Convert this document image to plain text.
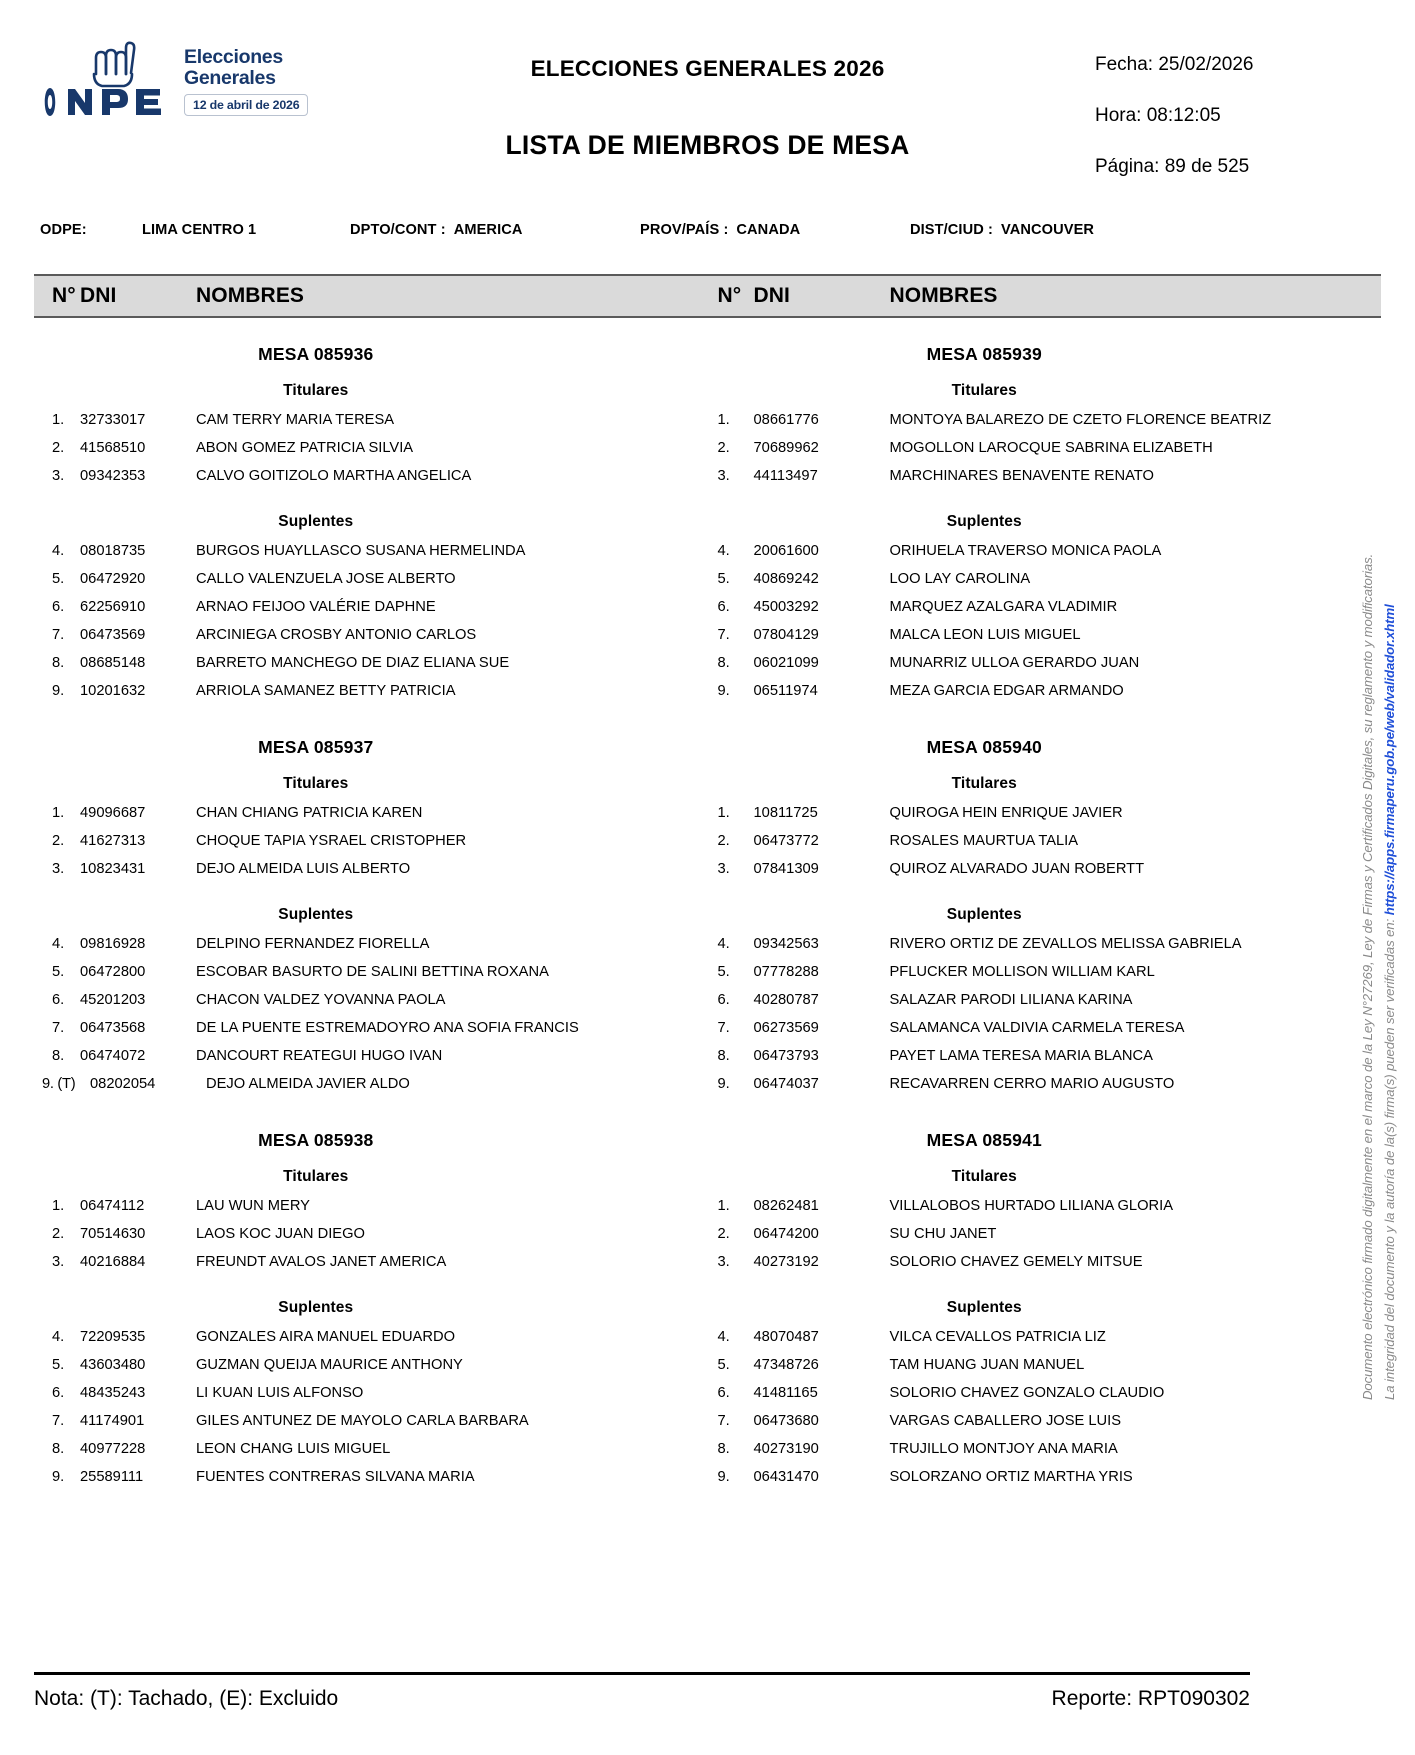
Elecciones
Generales
12 de abril de 2026
ELECCIONES GENERALES 2026
LISTA DE MIEMBROS DE MESA
Fecha: 25/02/2026
Hora: 08:12:05
Página: 89 de 525
ODPE:	LIMA CENTRO 1	DPTO/CONT : AMERICA	PROV/PAÍS : CANADA	DIST/CIUD : VANCOUVER
N° DNI	NOMBRES	N° DNI	NOMBRES
MESA 085936
Titulares
1.	32733017	CAM TERRY MARIA TERESA
2.	41568510	ABON GOMEZ PATRICIA SILVIA
3.	09342353	CALVO GOITIZOLO MARTHA ANGELICA
Suplentes
4.	08018735	BURGOS HUAYLLASCO SUSANA HERMELINDA
5.	06472920	CALLO VALENZUELA JOSE ALBERTO
6.	62256910	ARNAO FEIJOO VALÉRIE DAPHNE
7.	06473569	ARCINIEGA CROSBY ANTONIO CARLOS
8.	08685148	BARRETO MANCHEGO DE DIAZ ELIANA SUE
9.	10201632	ARRIOLA SAMANEZ BETTY PATRICIA
MESA 085937
Titulares
1.	49096687	CHAN CHIANG PATRICIA KAREN
2.	41627313	CHOQUE TAPIA YSRAEL CRISTOPHER
3.	10823431	DEJO ALMEIDA LUIS ALBERTO
Suplentes
4.	09816928	DELPINO FERNANDEZ FIORELLA
5.	06472800	ESCOBAR BASURTO DE SALINI BETTINA ROXANA
6.	45201203	CHACON VALDEZ YOVANNA PAOLA
7.	06473568	DE LA PUENTE ESTREMADOYRO ANA SOFIA FRANCIS
8.	06474072	DANCOURT REATEGUI HUGO IVAN
9. (T)	08202054	DEJO ALMEIDA JAVIER ALDO
MESA 085938
Titulares
1.	06474112	LAU WUN MERY
2.	70514630	LAOS KOC JUAN DIEGO
3.	40216884	FREUNDT AVALOS JANET AMERICA
Suplentes
4.	72209535	GONZALES AIRA MANUEL EDUARDO
5.	43603480	GUZMAN QUEIJA MAURICE ANTHONY
6.	48435243	LI KUAN LUIS ALFONSO
7.	41174901	GILES ANTUNEZ DE MAYOLO CARLA BARBARA
8.	40977228	LEON CHANG LUIS MIGUEL
9.	25589111	FUENTES CONTRERAS SILVANA MARIA
MESA 085939
Titulares
1.	08661776	MONTOYA BALAREZO DE CZETO FLORENCE BEATRIZ
2.	70689962	MOGOLLON LAROCQUE SABRINA ELIZABETH
3.	44113497	MARCHINARES BENAVENTE RENATO
Suplentes
4.	20061600	ORIHUELA TRAVERSO MONICA PAOLA
5.	40869242	LOO LAY CAROLINA
6.	45003292	MARQUEZ AZALGARA VLADIMIR
7.	07804129	MALCA LEON LUIS MIGUEL
8.	06021099	MUNARRIZ ULLOA GERARDO JUAN
9.	06511974	MEZA GARCIA EDGAR ARMANDO
MESA 085940
Titulares
1.	10811725	QUIROGA HEIN ENRIQUE JAVIER
2.	06473772	ROSALES MAURTUA TALIA
3.	07841309	QUIROZ ALVARADO JUAN ROBERTT
Suplentes
4.	09342563	RIVERO ORTIZ DE ZEVALLOS MELISSA GABRIELA
5.	07778288	PFLUCKER MOLLISON WILLIAM KARL
6.	40280787	SALAZAR PARODI LILIANA KARINA
7.	06273569	SALAMANCA VALDIVIA CARMELA TERESA
8.	06473793	PAYET LAMA TERESA MARIA BLANCA
9.	06474037	RECAVARREN CERRO MARIO AUGUSTO
MESA 085941
Titulares
1.	08262481	VILLALOBOS HURTADO LILIANA GLORIA
2.	06474200	SU CHU JANET
3.	40273192	SOLORIO CHAVEZ GEMELY MITSUE
Suplentes
4.	48070487	VILCA CEVALLOS PATRICIA LIZ
5.	47348726	TAM HUANG JUAN MANUEL
6.	41481165	SOLORIO CHAVEZ GONZALO CLAUDIO
7.	06473680	VARGAS CABALLERO JOSE LUIS
8.	40273190	TRUJILLO MONTJOY ANA MARIA
9.	06431470	SOLORZANO ORTIZ MARTHA YRIS
Documento electrónico firmado digitalmente en el marco de la Ley N°27269, Ley de Firmas y Certificados Digitales, su reglamento y modificatorias. La integridad del documento y la autoría de la(s) firma(s) pueden ser verificadas en: https://apps.firmaperu.gob.pe/web/validador.xhtml
Nota: (T): Tachado, (E): Excluido	Reporte: RPT090302
